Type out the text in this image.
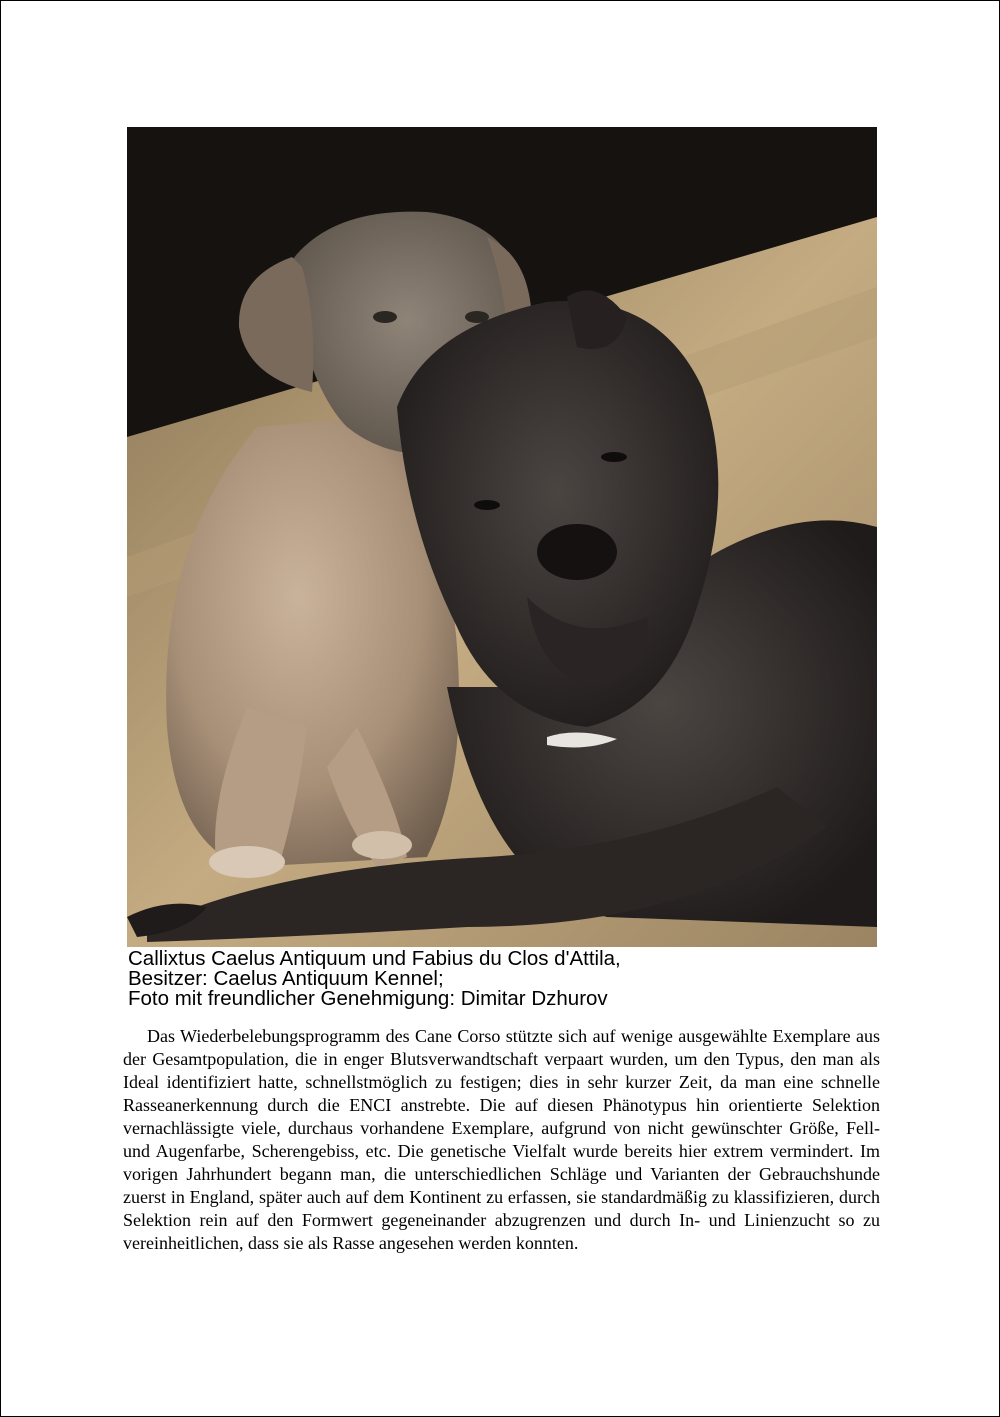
Callixtus Caelus Antiquum und Fabius du Clos d'Attila,
Besitzer: Caelus Antiquum Kennel;
Foto mit freundlicher Genehmigung: Dimitar Dzhurov

Das Wiederbelebungsprogramm des Cane Corso stützte sich auf wenige ausgewählte Exemplare aus der Gesamtpopulation, die in enger Blutsverwandtschaft verpaart wurden, um den Typus, den man als Ideal identifiziert hatte, schnellstmöglich zu festigen; dies in sehr kurzer Zeit, da man eine schnelle Rasseanerkennung durch die ENCI anstrebte. Die auf diesen Phänotypus hin orientierte Selektion vernachlässigte viele, durchaus vorhandene Exemplare, aufgrund von nicht gewünschter Größe, Fell- und Augenfarbe, Scherengebiss, etc. Die genetische Vielfalt wurde bereits hier extrem vermindert. Im vorigen Jahrhundert begann man, die unterschiedlichen Schläge und Varianten der Gebrauchshunde zuerst in England, später auch auf dem Kontinent zu erfassen, sie standardmäßig zu klassifizieren, durch Selektion rein auf den Formwert gegeneinander abzugrenzen und durch In- und Linienzucht so zu vereinheitlichen, dass sie als Rasse angesehen werden konnten.
